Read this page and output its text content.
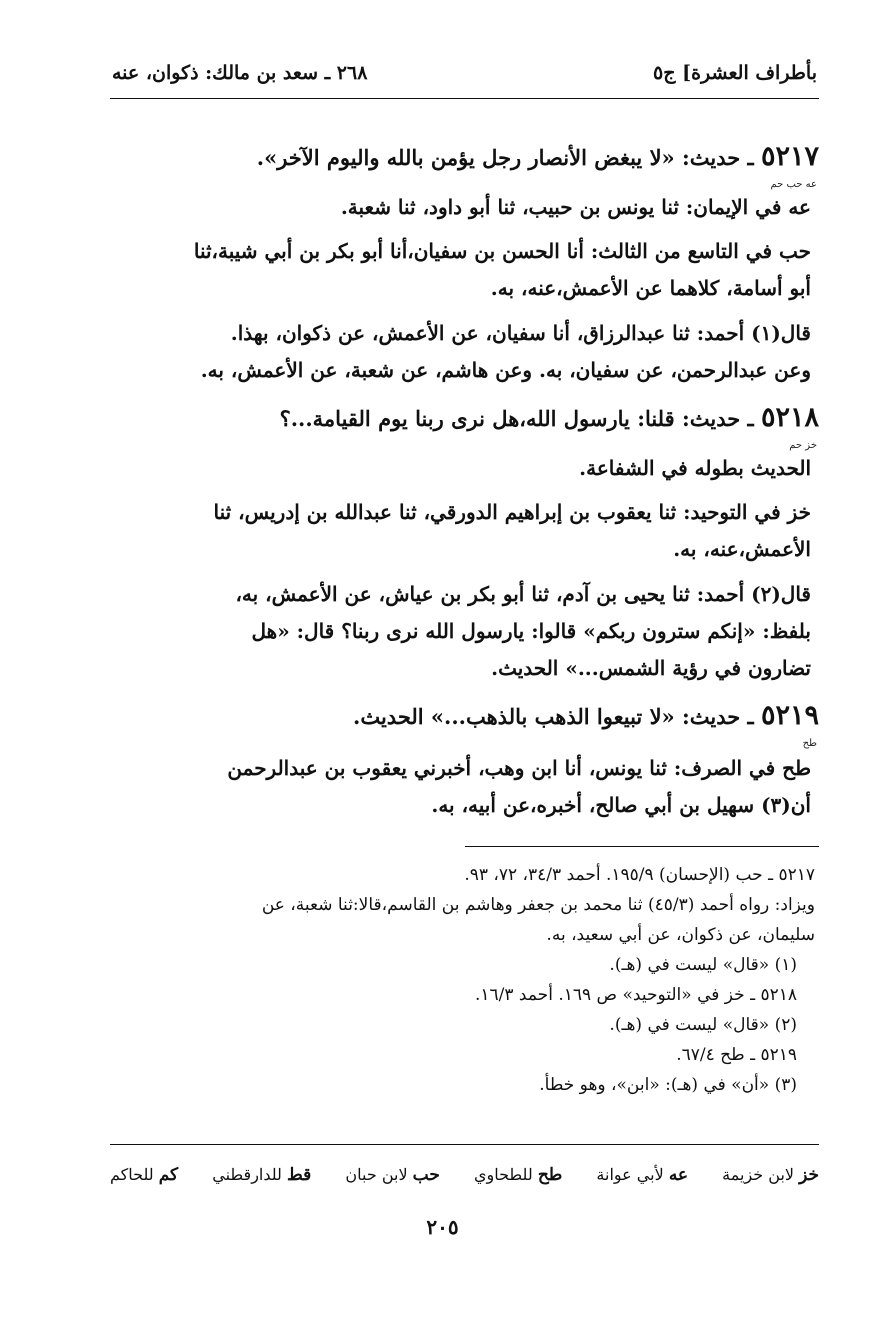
بأطراف العشرة] ج٥
٢٦٨ ـ سعد بن مالك: ذكوان، عنه
٥٢١٧ ـ حديث: «لا يبغض الأنصار رجل يؤمن بالله واليوم الآخر».
عه حب حم
عه في الإيمان: ثنا يونس بن حبيب، ثنا أبو داود، ثنا شعبة.
حب في التاسع من الثالث: أنا الحسن بن سفيان،أنا أبو بكر بن أبي شيبة،ثنا
أبو أسامة، كلاهما عن الأعمش،عنه، به.
قال(١) أحمد: ثنا عبدالرزاق، أنا سفيان، عن الأعمش، عن ذكوان، بهذا.
وعن عبدالرحمن، عن سفيان، به. وعن هاشم، عن شعبة، عن الأعمش، به.
٥٢١٨ ـ حديث: قلنا: يارسول الله،هل نرى ربنا يوم القيامة...؟
خز حم
الحديث بطوله في الشفاعة.
خز في التوحيد: ثنا يعقوب بن إبراهيم الدورقي، ثنا عبدالله بن إدريس، ثنا
الأعمش،عنه، به.
قال(٢) أحمد: ثنا يحيى بن آدم، ثنا أبو بكر بن عياش، عن الأعمش، به،
بلفظ: «إنكم سترون ربكم» قالوا: يارسول الله نرى ربنا؟ قال: «هل
تضارون في رؤية الشمس...» الحديث.
٥٢١٩ ـ حديث: «لا تبيعوا الذهب بالذهب...» الحديث.
طح
طح في الصرف: ثنا يونس، أنا ابن وهب، أخبرني يعقوب بن عبدالرحمن
أن(٣) سهيل بن أبي صالح، أخبره،عن أبيه، به.
٥٢١٧ ـ حب (الإحسان) ١٩٥/٩. أحمد ٣٤/٣، ٧٢، ٩٣.
ويزاد: رواه أحمد (٤٥/٣) ثنا محمد بن جعفر وهاشم بن القاسم،قالا:ثنا شعبة، عن
سليمان، عن ذكوان، عن أبي سعيد، به.
(١) «قال» ليست في (هـ).
٥٢١٨ ـ خز في «التوحيد» ص ١٦٩. أحمد ١٦/٣.
(٢) «قال» ليست في (هـ).
٥٢١٩ ـ طح ٦٧/٤.
(٣) «أن» في (هـ): «ابن»، وهو خطأ.
خز لابن خزيمة
عه لأبي عوانة
طح للطحاوي
حب لابن حبان
قط للدارقطني
كم للحاكم
٢٠٥
